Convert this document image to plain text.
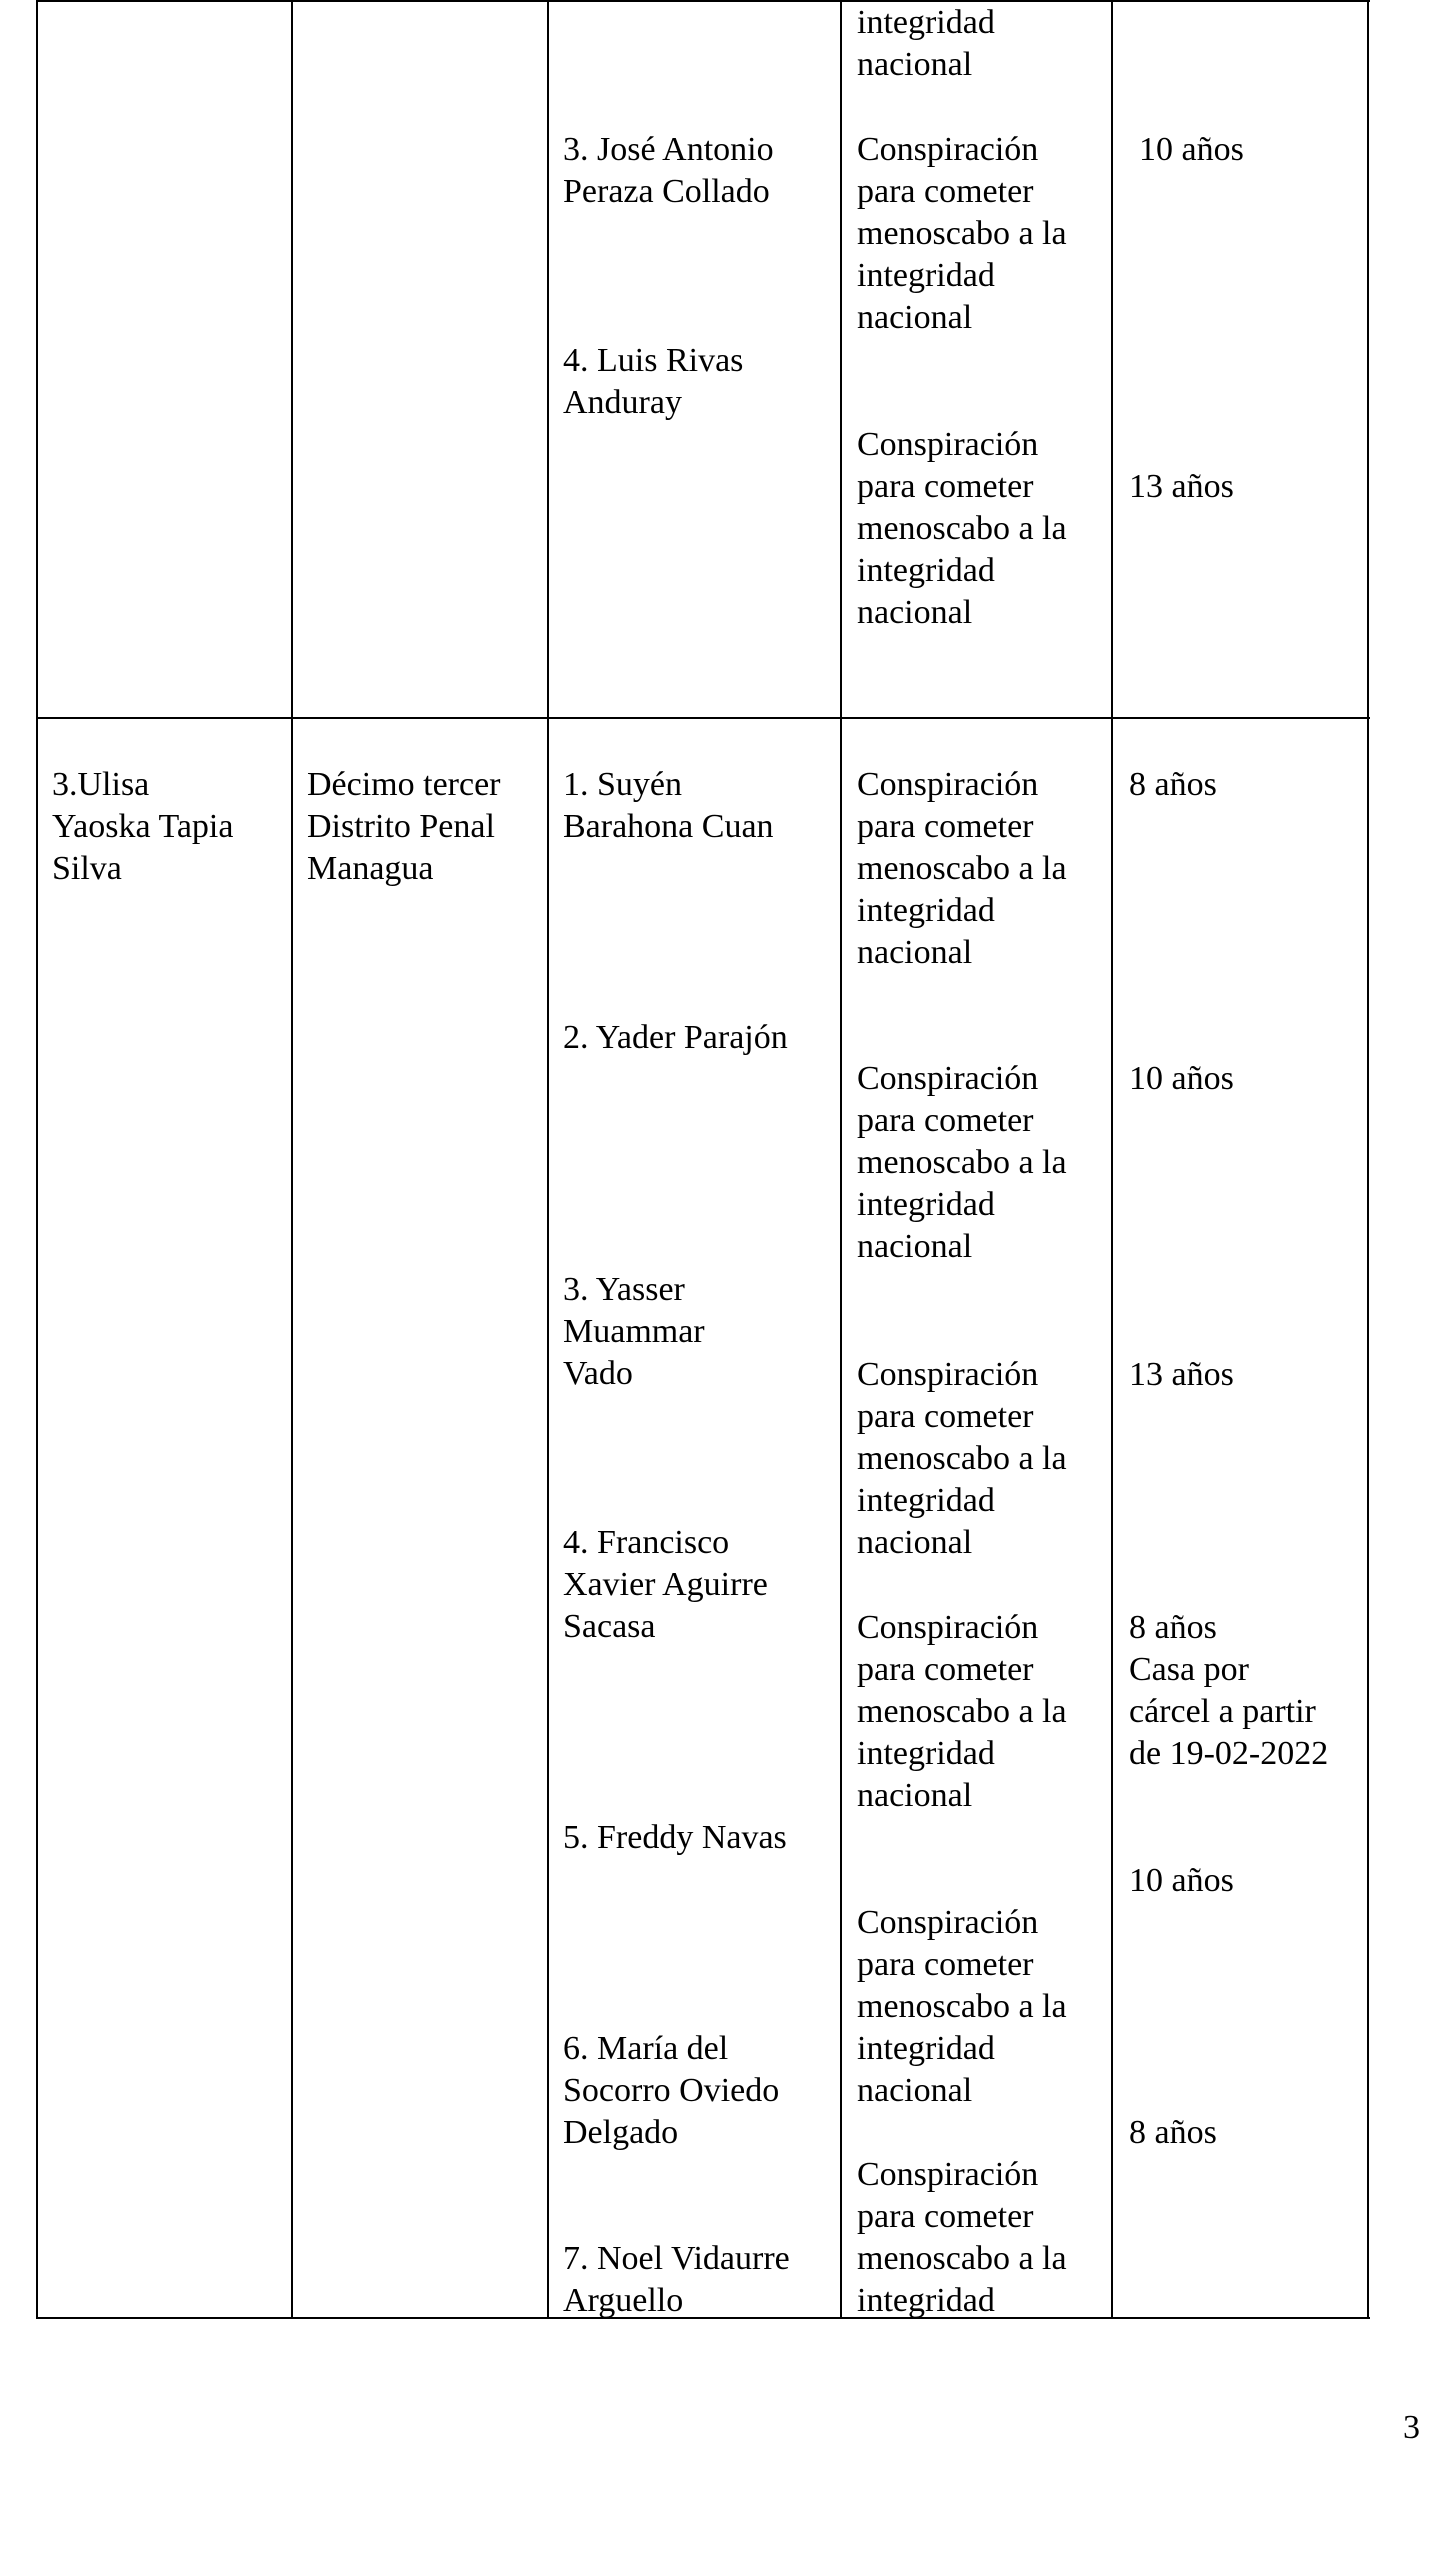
integridad
nacional

3. José Antonio
Peraza Collado

Conspiración
para cometer
menoscabo a la
integridad
nacional

10 años

4. Luis Rivas
Anduray

Conspiración
para cometer
menoscabo a la
integridad
nacional

13 años

3.Ulisa
Yaoska Tapia
Silva

Décimo tercer
Distrito Penal
Managua

1. Suyén
Barahona Cuan

Conspiración
para cometer
menoscabo a la
integridad
nacional

8 años

2. Yader Parajón

Conspiración
para cometer
menoscabo a la
integridad
nacional

10 años

3. Yasser
Muammar
Vado	Conspiración
para cometer
menoscabo a la
integridad
nacional

13 años

4. Francisco
Xavier Aguirre
Sacasa	Conspiración
para cometer
menoscabo a la
integridad
nacional

8 años
Casa por
cárcel a partir
de 19-02-2022

5. Freddy Navas

Conspiración
para cometer
menoscabo a la
integridad
nacional

10 años

6. María del
Socorro Oviedo
Delgado

Conspiración
para cometer
menoscabo a la
integridad

8 años

7. Noel Vidaurre
Arguello

3
